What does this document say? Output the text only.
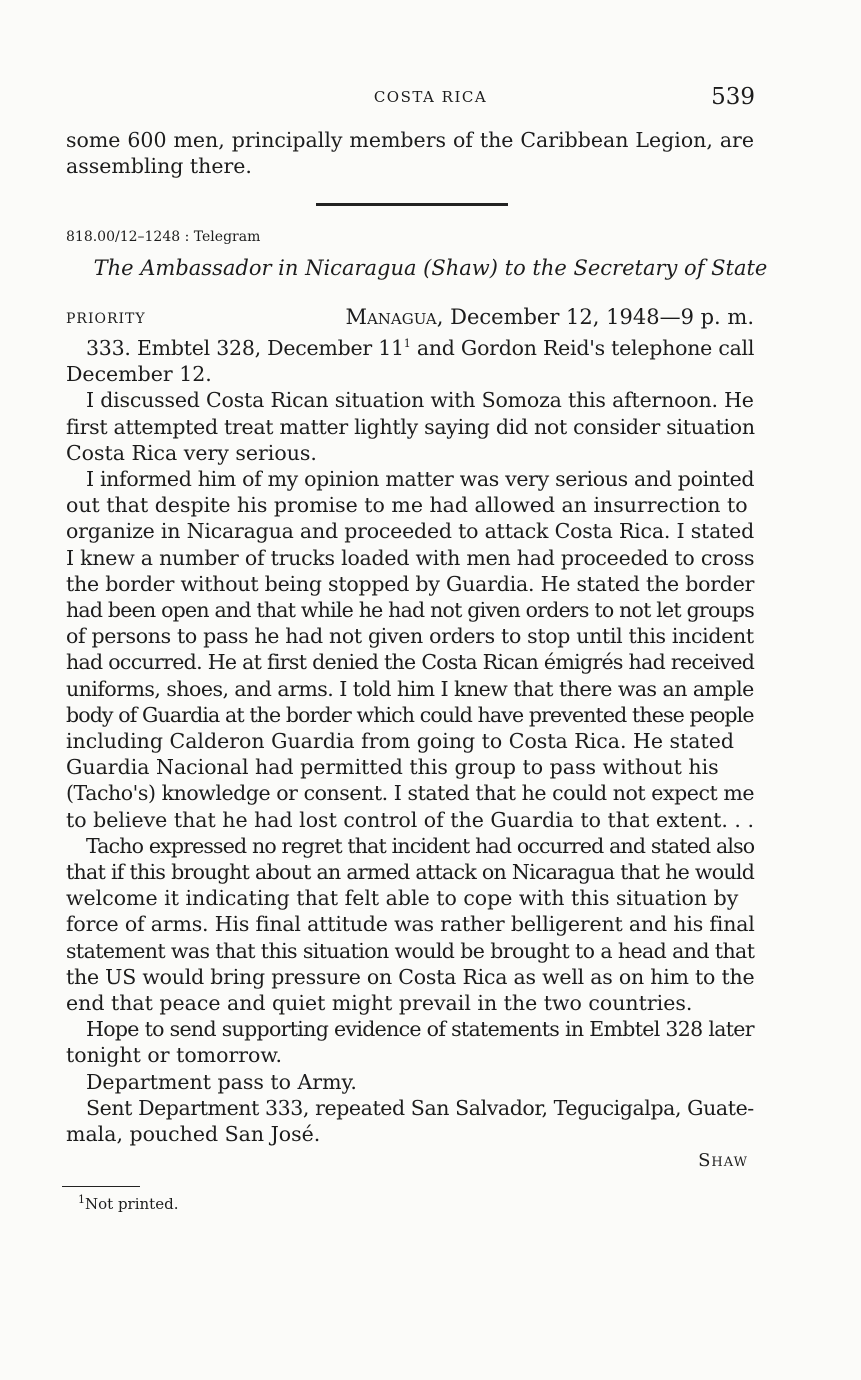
COSTA RICA	539
some 600 men, principally members of the Caribbean Legion, are
assembling there.
818.00/12–1248 : Telegram
The Ambassador in Nicaragua (Shaw) to the Secretary of State
PRIORITY	Managua, December 12, 1948—9 p. m.
333. Embtel 328, December $11^1$ and Gordon Reid's telephone call
December 12.
I discussed Costa Rican situation with Somoza this afternoon. He
first attempted treat matter lightly saying did not consider situation
Costa Rica very serious.
I informed him of my opinion matter was very serious and pointed
out that despite his promise to me had allowed an insurrection to
organize in Nicaragua and proceeded to attack Costa Rica. I stated
I knew a number of trucks loaded with men had proceeded to cross
the border without being stopped by Guardia. He stated the border
had been open and that while he had not given orders to not let groups
of persons to pass he had not given orders to stop until this incident
had occurred. He at first denied the Costa Rican émigrés had received
uniforms, shoes, and arms. I told him I knew that there was an ample
body of Guardia at the border which could have prevented these people
including Calderon Guardia from going to Costa Rica. He stated
Guardia Nacional had permitted this group to pass without his
(Tacho's) knowledge or consent. I stated that he could not expect me
to believe that he had lost control of the Guardia to that extent. . .
Tacho expressed no regret that incident had occurred and stated also
that if this brought about an armed attack on Nicaragua that he would
welcome it indicating that felt able to cope with this situation by
force of arms. His final attitude was rather belligerent and his final
statement was that this situation would be brought to a head and that
the US would bring pressure on Costa Rica as well as on him to the
end that peace and quiet might prevail in the two countries.
Hope to send supporting evidence of statements in Embtel 328 later
tonight or tomorrow.
Department pass to Army.
Sent Department 333, repeated San Salvador, Tegucigalpa, Guate-
mala, pouched San José.
Shaw
$^1$Not printed.
